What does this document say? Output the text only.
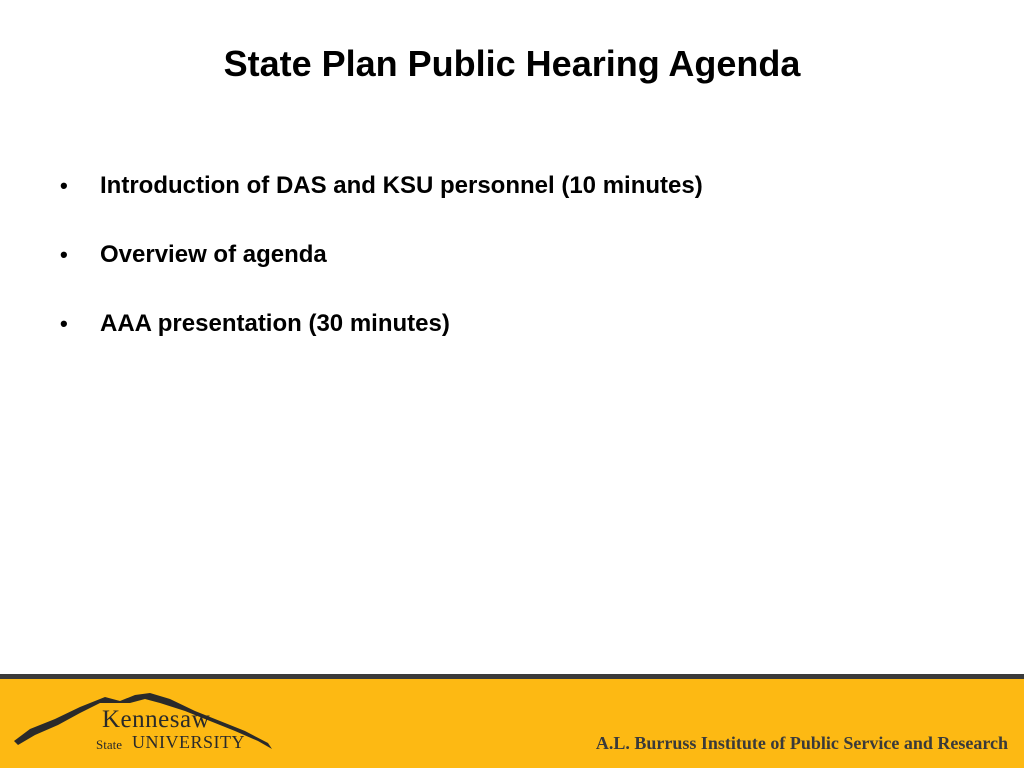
State Plan Public Hearing Agenda
•	Introduction of DAS and KSU personnel (10 minutes)
•	Overview of agenda
•	AAA presentation (30 minutes)
Kennesaw
State UNIVERSITY	A.L. Burruss Institute of Public Service and Research
